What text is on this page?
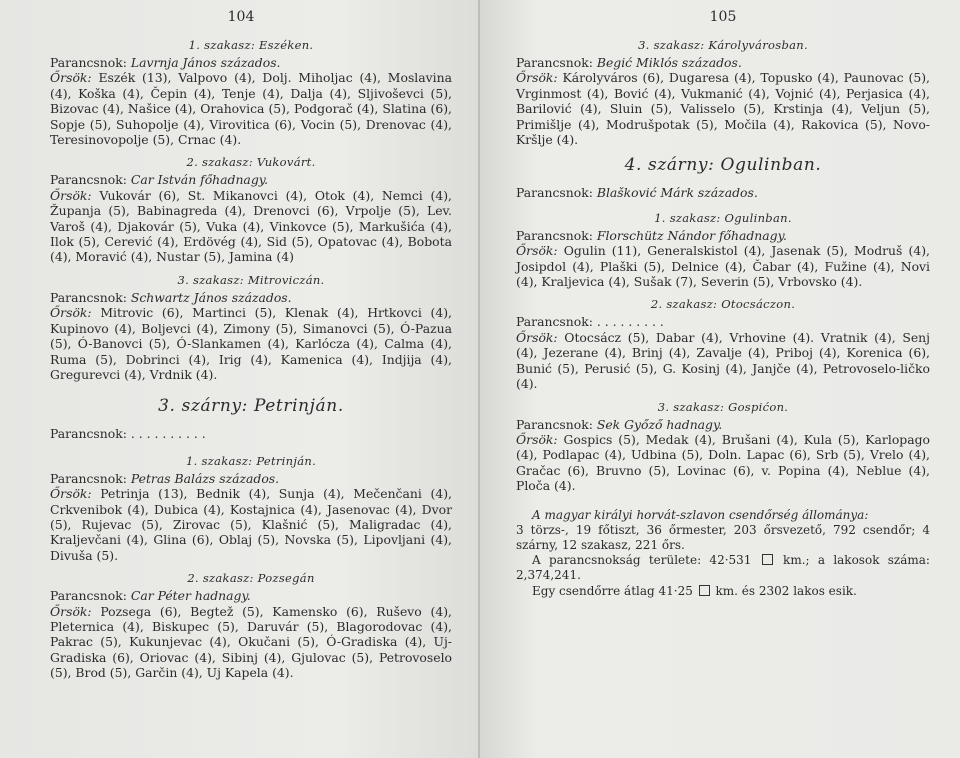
104

1. szakasz: Eszéken.

Parancsnok: Lavrnja János százados.

Őrsök: Eszék (13), Valpovo (4), Dolj. Miholjac (4), Moslavina (4), Koška (4), Čepin (4), Tenje (4), Dalja (4), Sljivoševci (5), Bizovac (4), Našice (4), Orahovica (5), Podgorač (4), Slatina (6), Sopje (5), Suhopolje (4), Virovitica (6), Vocin (5), Drenovac (4), Teresinovopolje (5), Crnac (4).

2. szakasz: Vukovárt.

Parancsnok: Car István főhadnagy.

Őrsök: Vukovár (6), St. Mikanovci (4), Otok (4), Nemci (4), Županja (5), Babinagreda (4), Drenovci (6), Vrpolje (5), Lev. Varoš (4), Djakovár (5), Vuka (4), Vinkovce (5), Markušića (4), Ilok (5), Cerević (4), Erdövég (4), Sid (5), Opatovac (4), Bobota (4), Moravić (4), Nustar (5), Jamina (4)

3. szakasz: Mitroviczán.

Parancsnok: Schwartz János százados.

Őrsök: Mitrovic (6), Martinci (5), Klenak (4), Hrtkovci (4), Kupinovo (4), Boljevci (4), Zimony (5), Simanovci (5), Ó-Pazua (5), Ó-Banovci (5), Ó-Slankamen (4), Karlócza (4), Calma (4), Ruma (5), Dobrinci (4), Irig (4), Kamenica (4), Indjija (4), Gregurevci (4), Vrdnik (4).

3. szárny: Petrinján.

Parancsnok: . . . . . . . . . .

1. szakasz: Petrinján.

Parancsnok: Petras Balázs százados.

Őrsök: Petrinja (13), Bednik (4), Sunja (4), Mečenčani (4), Crkvenibok (4), Dubica (4), Kostajnica (4), Jasenovac (4), Dvor (5), Rujevac (5), Zirovac (5), Klašnić (5), Maligradac (4), Kraljevčani (4), Glina (6), Oblaj (5), Novska (5), Lipovljani (4), Divuša (5).

2. szakasz: Pozsegán

Parancsnok: Car Péter hadnagy.

Őrsök: Pozsega (6), Begtež (5), Kamensko (6), Ruševo (4), Pleternica (4), Biskupec (5), Daruvár (5), Blagorodovac (4), Pakrac (5), Kukunjevac (4), Okučani (5), Ó-Gradiska (4), Uj-Gradiska (6), Oriovac (4), Sibinj (4), Gjulovac (5), Petrovoselo (5), Brod (5), Garčin (4), Uj Kapela (4).

105

3. szakasz: Károlyvárosban.

Parancsnok: Begić Miklós százados.

Őrsök: Károlyváros (6), Dugaresa (4), Topusko (4), Paunovac (5), Vrginmost (4), Bović (4), Vukmanić (4), Vojnić (4), Perjasica (4), Barilović (4), Sluin (5), Valisselo (5), Krstinja (4), Veljun (5), Primišlje (4), Modrušpotak (5), Močila (4), Rakovica (5), Novo-Kršlje (4).

4. szárny: Ogulinban.

Parancsnok: Blašković Márk százados.

1. szakasz: Ogulinban.

Parancsnok: Florschütz Nándor főhadnagy.

Őrsök: Ogulin (11), Generalskistol (4), Jasenak (5), Modruš (4), Josipdol (4), Plaški (5), Delnice (4), Čabar (4), Fužine (4), Novi (4), Kraljevica (4), Sušak (7), Severin (5), Vrbovsko (4).

2. szakasz: Otocsáczon.

Parancsnok: . . . . . . . . .

Őrsök: Otocsácz (5), Dabar (4), Vrhovine (4). Vratnik (4), Senj (4), Jezerane (4), Brinj (4), Zavalje (4), Priboj (4), Korenica (6), Bunić (5), Perusić (5), G. Kosinj (4), Janjče (4), Petrovoselo-ličko (4).

3. szakasz: Gospićon.

Parancsnok: Sek Győző hadnagy.

Őrsök: Gospics (5), Medak (4), Brušani (4), Kula (5), Karlopago (4), Podlapac (4), Udbina (5), Doln. Lapac (6), Srb (5), Vrelo (4), Gračac (6), Bruvno (5), Lovinac (6), v. Popina (4), Neblue (4), Ploča (4).

A magyar királyi horvát-szlavon csendőrség állománya:

3 törzs-, 19 főtiszt, 36 őrmester, 203 őrsvezető, 792 csendőr; 4 szárny, 12 szakasz, 221 őrs.

A parancsnokság területe: 42·531	km.; a lakosok száma: 2,374,241.

Egy csendőrre átlag 41·25 km. és 2302 lakos esik.
